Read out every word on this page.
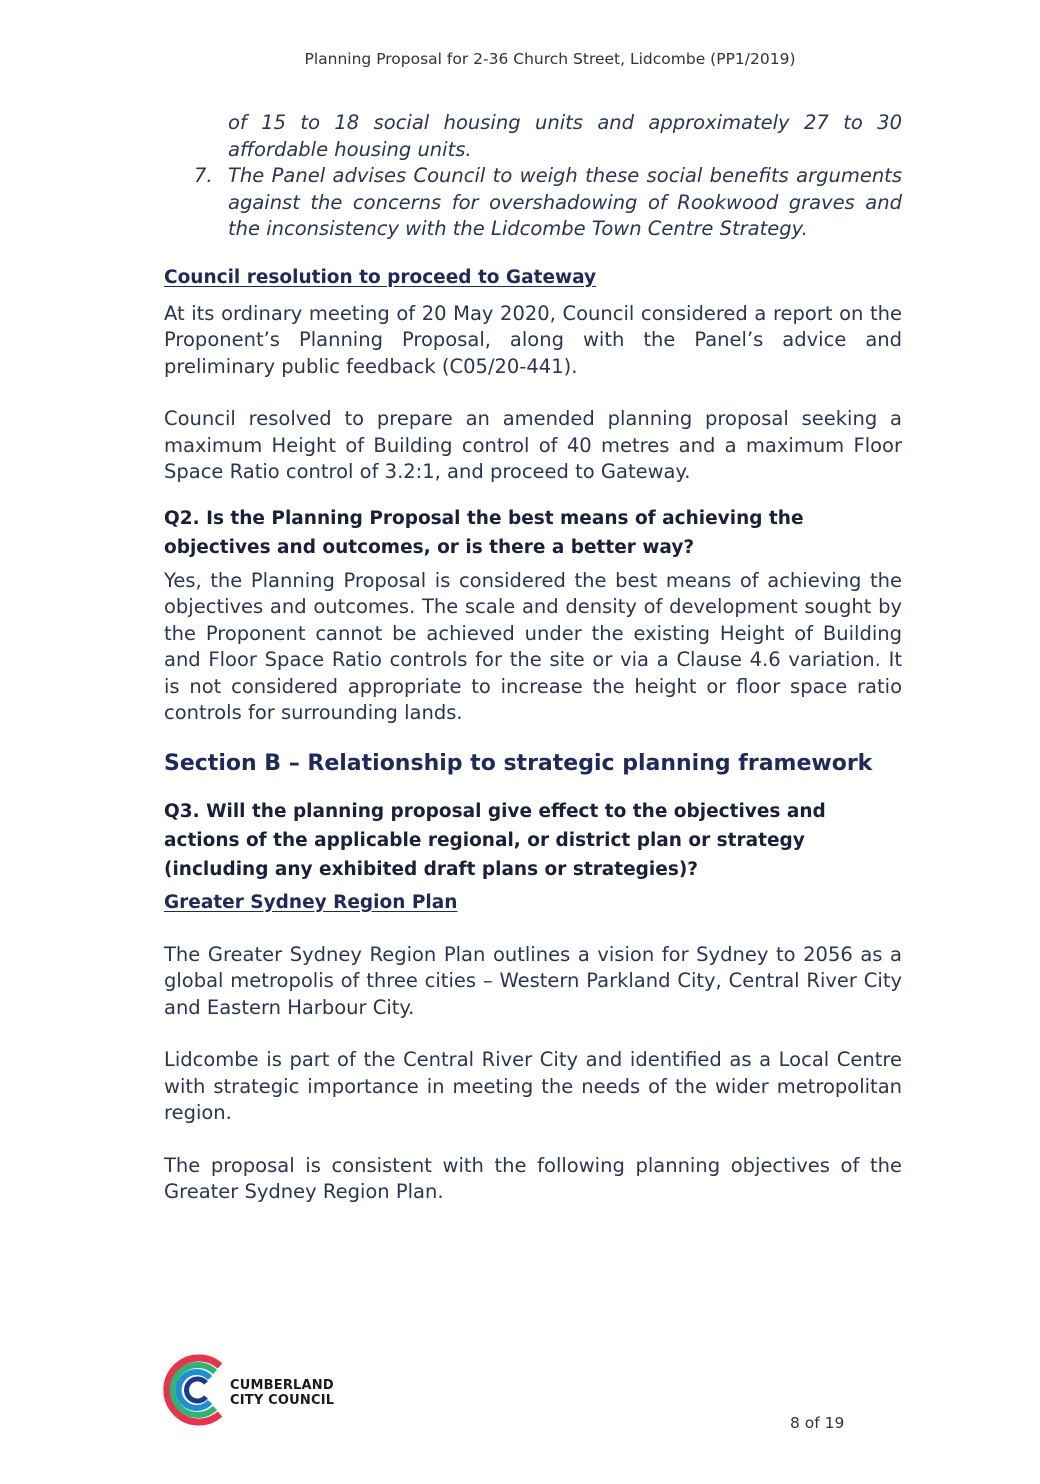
Planning Proposal for 2-36 Church Street, Lidcombe (PP1/2019)

of 15 to 18 social housing units and approximately 27 to 30 affordable housing units.

7. The Panel advises Council to weigh these social benefits arguments against the concerns for overshadowing of Rookwood graves and the inconsistency with the Lidcombe Town Centre Strategy.

Council resolution to proceed to Gateway

At its ordinary meeting of 20 May 2020, Council considered a report on the Proponent’s Planning Proposal, along with the Panel’s advice and preliminary public feedback (C05/20-441).

Council resolved to prepare an amended planning proposal seeking a maximum Height of Building control of 40 metres and a maximum Floor Space Ratio control of 3.2:1, and proceed to Gateway.

Q2. Is the Planning Proposal the best means of achieving the

objectives and outcomes, or is there a better way?

Yes, the Planning Proposal is considered the best means of achieving the objectives and outcomes. The scale and density of development sought by the Proponent cannot be achieved under the existing Height of Building and Floor Space Ratio controls for the site or via a Clause 4.6 variation. It is not considered appropriate to increase the height or floor space ratio controls for surrounding lands.

Section B – Relationship to strategic planning framework

Q3. Will the planning proposal give effect to the objectives and

actions of the applicable regional, or district plan or strategy

(including any exhibited draft plans or strategies)?

Greater Sydney Region Plan

The Greater Sydney Region Plan outlines a vision for Sydney to 2056 as a global metropolis of three cities – Western Parkland City, Central River City and Eastern Harbour City.

Lidcombe is part of the Central River City and identified as a Local Centre with strategic importance in meeting the needs of the wider metropolitan region.

The proposal is consistent with the following planning objectives of the Greater Sydney Region Plan.

CUMBERLAND
CITY COUNCIL
8 of 19
